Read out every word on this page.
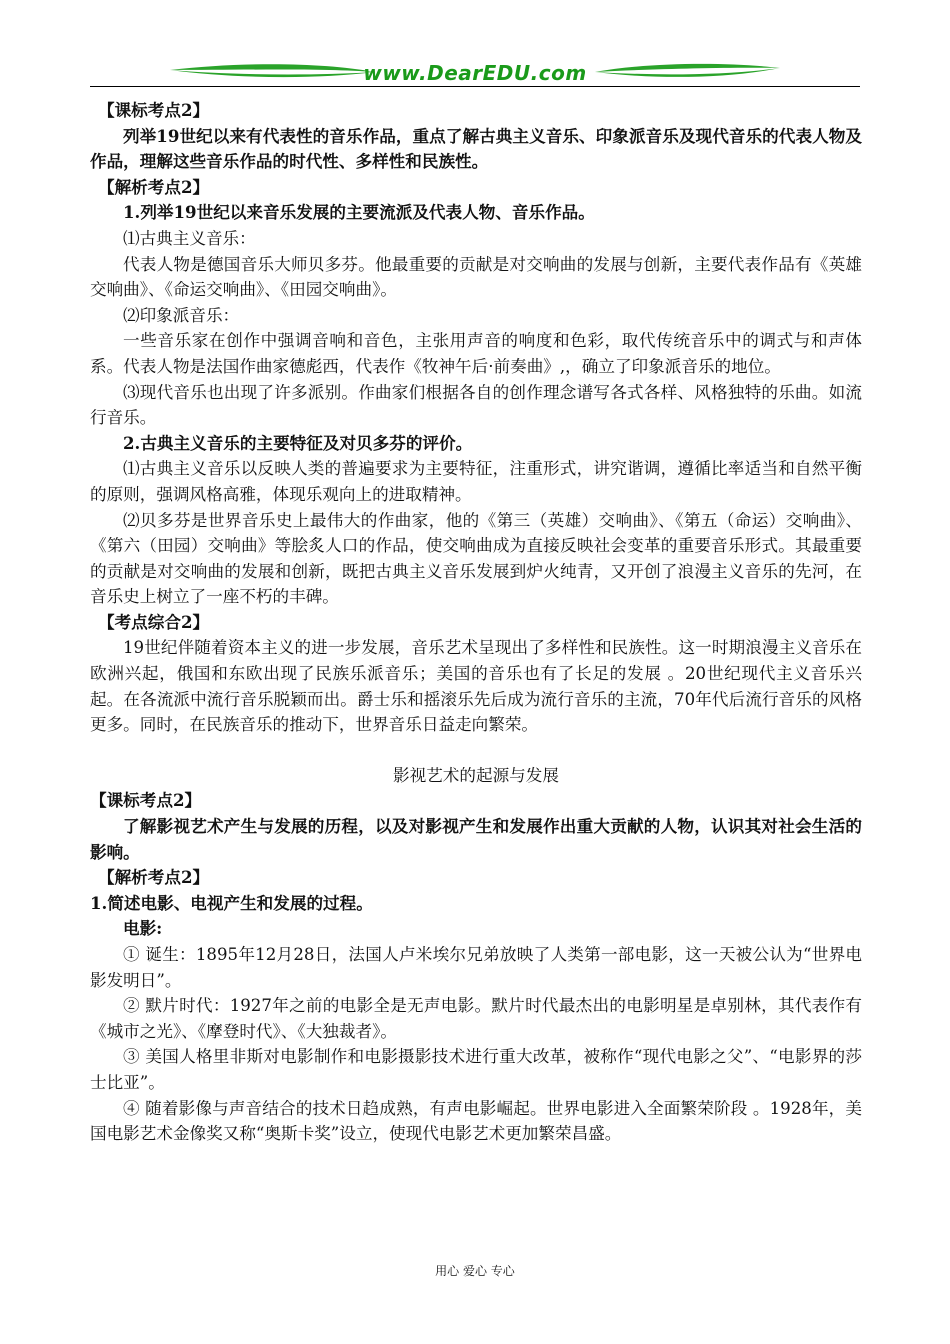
www.DearEDU.com

【课标考点2】

列举19世纪以来有代表性的音乐作品，重点了解古典主义音乐、印象派音乐及现代音乐的代表人物及作品，理解这些音乐作品的时代性、多样性和民族性。

【解析考点2】

1.列举19世纪以来音乐发展的主要流派及代表人物、音乐作品。

⑴古典主义音乐：

代表人物是德国音乐大师贝多芬。他最重要的贡献是对交响曲的发展与创新，主要代表作品有《英雄交响曲》、《命运交响曲》、《田园交响曲》。

⑵印象派音乐：

一些音乐家在创作中强调音响和音色，主张用声音的响度和色彩，取代传统音乐中的调式与和声体系。代表人物是法国作曲家德彪西，代表作《牧神午后·前奏曲》,，确立了印象派音乐的地位。

⑶现代音乐也出现了许多派别。作曲家们根据各自的创作理念谱写各式各样、风格独特的乐曲。如流行音乐。

2.古典主义音乐的主要特征及对贝多芬的评价。

⑴古典主义音乐以反映人类的普遍要求为主要特征，注重形式，讲究谐调，遵循比率适当和自然平衡的原则，强调风格高雅，体现乐观向上的进取精神。

⑵贝多芬是世界音乐史上最伟大的作曲家，他的《第三（英雄）交响曲》、《第五（命运）交响曲》、《第六（田园）交响曲》等脍炙人口的作品，使交响曲成为直接反映社会变革的重要音乐形式。其最重要的贡献是对交响曲的发展和创新，既把古典主义音乐发展到炉火纯青，又开创了浪漫主义音乐的先河，在音乐史上树立了一座不朽的丰碑。

【考点综合2】

19世纪伴随着资本主义的进一步发展，音乐艺术呈现出了多样性和民族性。这一时期浪漫主义音乐在欧洲兴起，俄国和东欧出现了民族乐派音乐；美国的音乐也有了长足的发展 。20世纪现代主义音乐兴起。在各流派中流行音乐脱颖而出。爵士乐和摇滚乐先后成为流行音乐的主流，70年代后流行音乐的风格更多。同时，在民族音乐的推动下，世界音乐日益走向繁荣。

影视艺术的起源与发展

【课标考点2】

了解影视艺术产生与发展的历程，以及对影视产生和发展作出重大贡献的人物，认识其对社会生活的影响。

【解析考点2】

1.简述电影、电视产生和发展的过程。

电影:

① 诞生：1895年12月28日，法国人卢米埃尔兄弟放映了人类第一部电影，这一天被公认为“世界电影发明日”。

② 默片时代：1927年之前的电影全是无声电影。默片时代最杰出的电影明星是卓别林，其代表作有《城市之光》、《摩登时代》、《大独裁者》。

③ 美国人格里非斯对电影制作和电影摄影技术进行重大改革，被称作“现代电影之父”、“电影界的莎士比亚”。

④ 随着影像与声音结合的技术日趋成熟，有声电影崛起。世界电影进入全面繁荣阶段 。1928年，美国电影艺术金像奖又称“奥斯卡奖”设立，使现代电影艺术更加繁荣昌盛。

用心 爱心 专心
